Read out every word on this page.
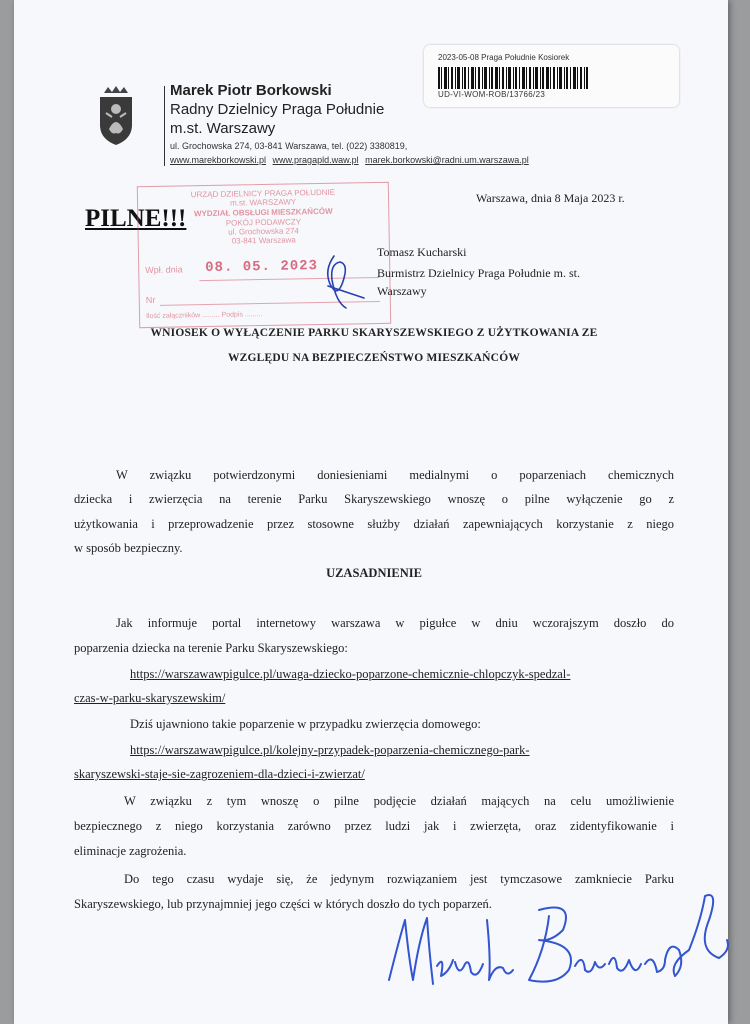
Marek Piotr Borkowski
Radny Dzielnicy Praga Południe
m.st. Warszawy
ul. Grochowska 274, 03-841 Warszawa, tel. (022) 3380819,
www.marekborkowski.pl www.pragapld.waw.pl marek.borkowski@radni.um.warszawa.pl
2023-05-08 Praga Południe Kosiorek
UD-VI-WOM-ROB/13766/23
Warszawa, dnia 8 Maja 2023 r.
PILNE!!!
URZĄD DZIELNICY PRAGA POŁUDNIE
m.st. WARSZAWY
WYDZIAŁ OBSŁUGI MIESZKAŃCÓW
POKÓJ PODAWCZY
ul. Grochowska 274
03-841 Warszawa
Wpł. dnia 08. 05. 2023
Nr
Ilość załączników ......... Podpis .........
Tomasz Kucharski
Burmistrz Dzielnicy Praga Południe m. st.
Warszawy
WNIOSEK O WYŁĄCZENIE PARKU SKARYSZEWSKIEGO Z UŻYTKOWANIA ZE
WZGLĘDU NA BEZPIECZEŃSTWO MIESZKAŃCÓW
W związku potwierdzonymi doniesieniami medialnymi o poparzeniach chemicznych
dziecka i zwierzęcia na terenie Parku Skaryszewskiego wnoszę o pilne wyłączenie go z
użytkowania i przeprowadzenie przez stosowne służby działań zapewniających korzystanie z niego
w sposób bezpieczny.
UZASADNIENIE
Jak informuje portal internetowy warszawa w pigułce w dniu wczorajszym doszło do
poparzenia dziecka na terenie Parku Skaryszewskiego:
https://warszawawpigulce.pl/uwaga-dziecko-poparzone-chemicznie-chlopczyk-spedzal-
czas-w-parku-skaryszewskim/
Dziś ujawniono takie poparzenie w przypadku zwierzęcia domowego:
https://warszawawpigulce.pl/kolejny-przypadek-poparzenia-chemicznego-park-
skaryszewski-staje-sie-zagrozeniem-dla-dzieci-i-zwierzat/
W związku z tym wnoszę o pilne podjęcie działań mających na celu umożliwienie
bezpiecznego z niego korzystania zarówno przez ludzi jak i zwierzęta, oraz zidentyfikowanie i
eliminacje zagrożenia.
Do tego czasu wydaje się, że jedynym rozwiązaniem jest tymczasowe zamkniecie Parku
Skaryszewskiego, lub przynajmniej jego części w których doszło do tych poparzeń.
